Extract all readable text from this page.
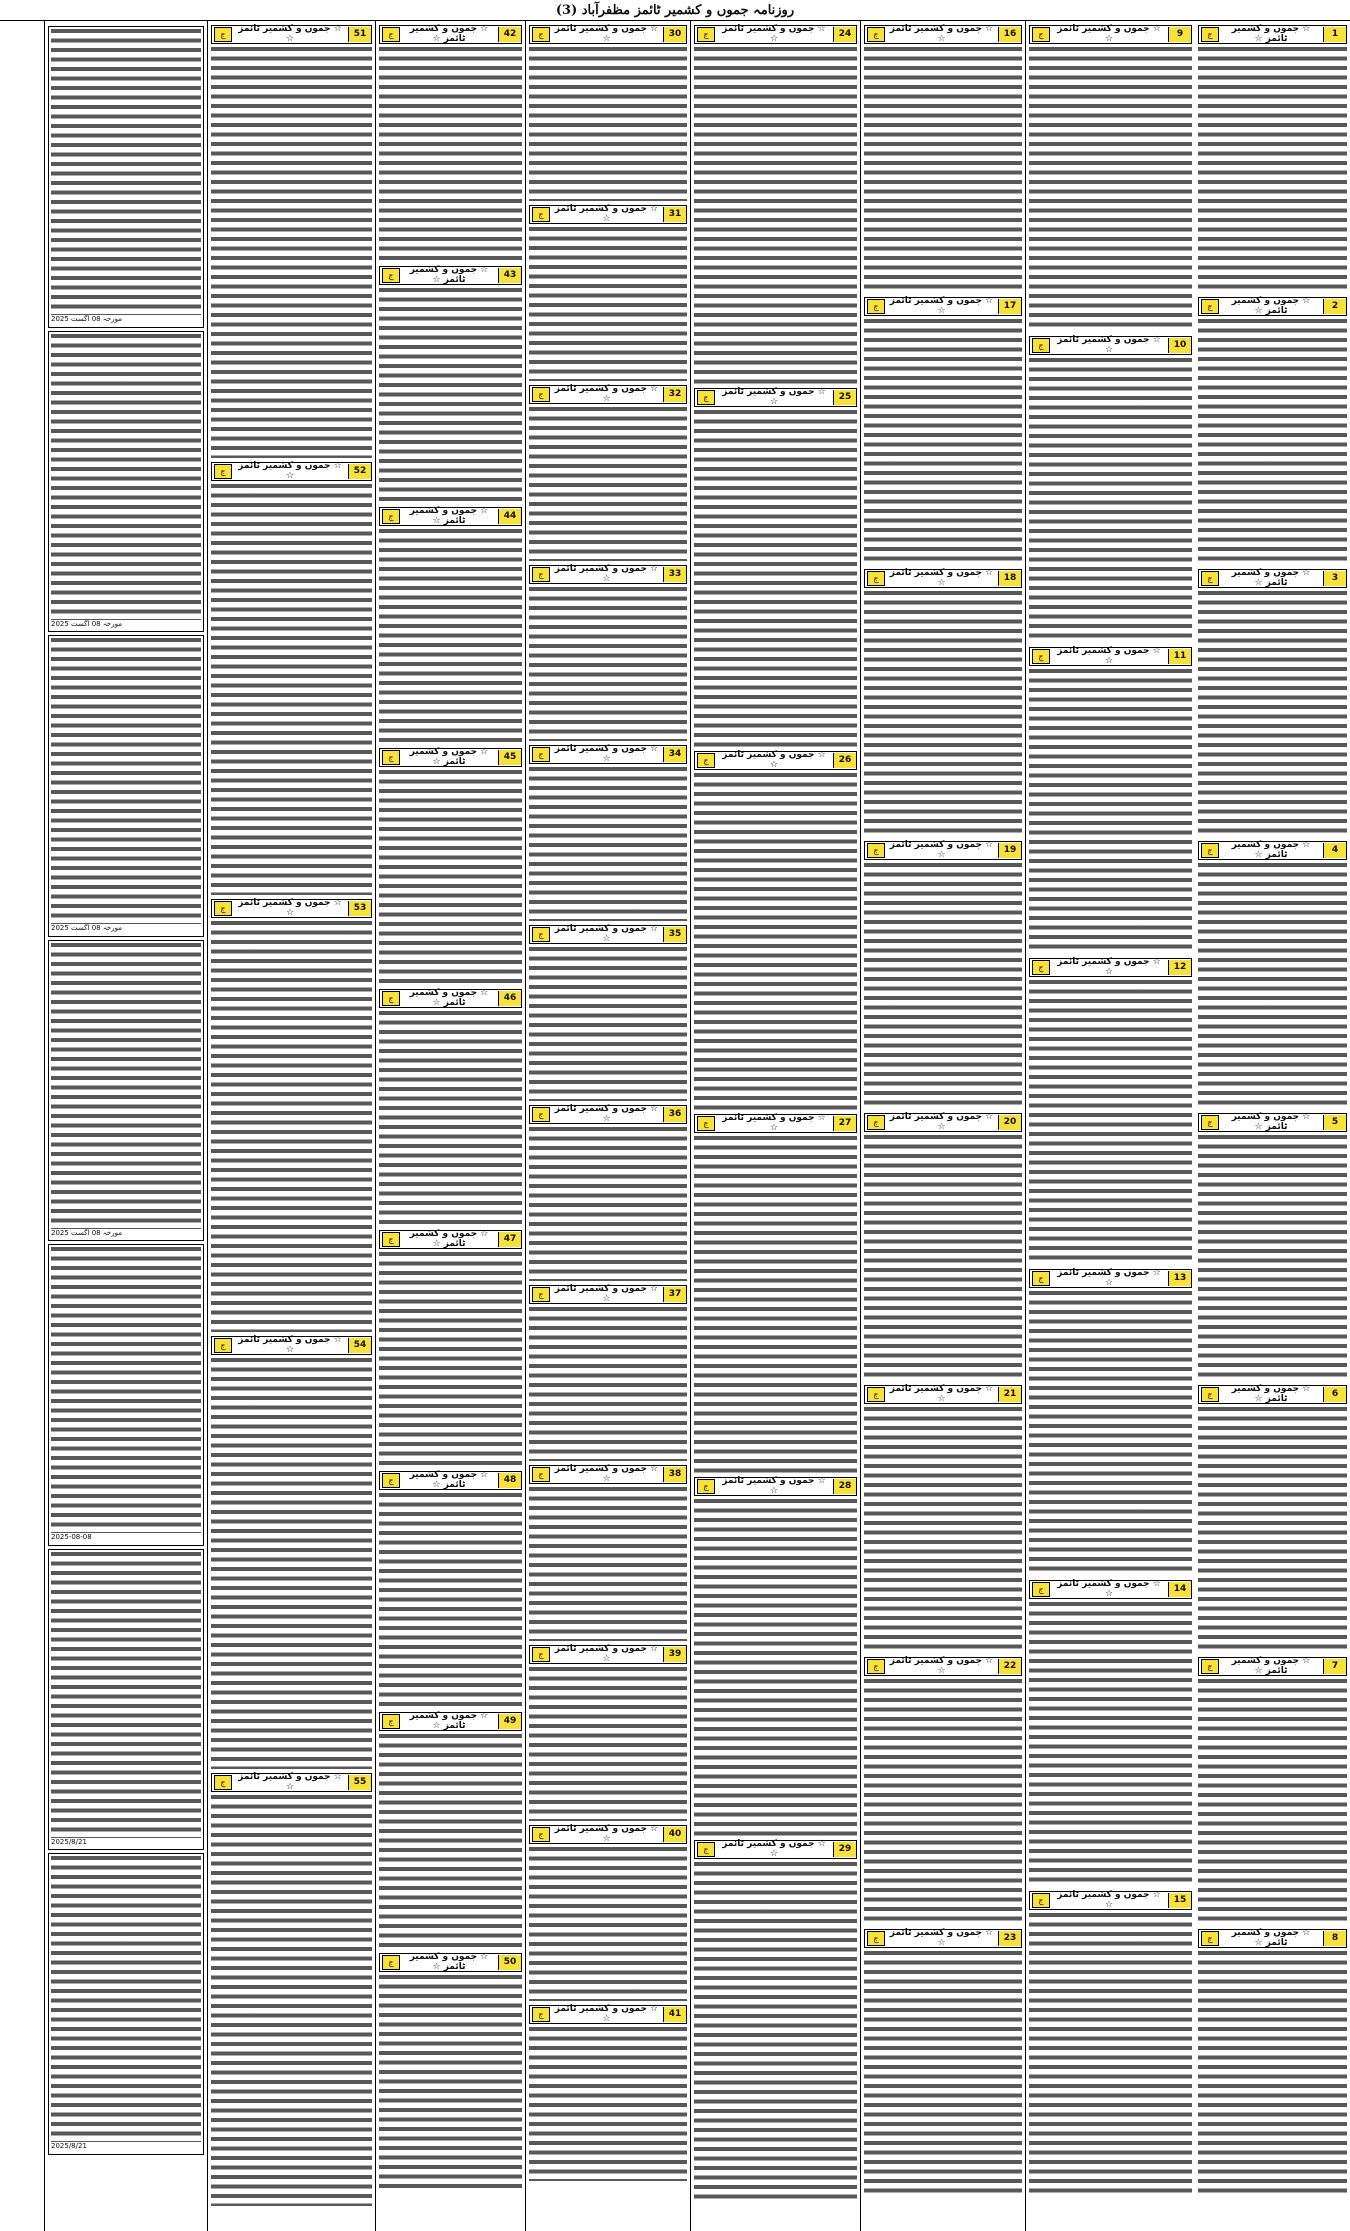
روزنامہ جموں و کشمیر ٹائمز مظفرآباد (3)
1
☆ جموں و کشمیر ٹائمز ☆
ج
2
☆ جموں و کشمیر ٹائمز ☆
ج
3
☆ جموں و کشمیر ٹائمز ☆
ج
4
☆ جموں و کشمیر ٹائمز ☆
ج
5
☆ جموں و کشمیر ٹائمز ☆
ج
6
☆ جموں و کشمیر ٹائمز ☆
ج
7
☆ جموں و کشمیر ٹائمز ☆
ج
8
☆ جموں و کشمیر ٹائمز ☆
ج
9
☆ جموں و کشمیر ٹائمز ☆
ج
10
☆ جموں و کشمیر ٹائمز ☆
ج
11
☆ جموں و کشمیر ٹائمز ☆
ج
12
☆ جموں و کشمیر ٹائمز ☆
ج
13
☆ جموں و کشمیر ٹائمز ☆
ج
14
☆ جموں و کشمیر ٹائمز ☆
ج
15
☆ جموں و کشمیر ٹائمز ☆
ج
16
☆ جموں و کشمیر ٹائمز ☆
ج
17
☆ جموں و کشمیر ٹائمز ☆
ج
18
☆ جموں و کشمیر ٹائمز ☆
ج
19
☆ جموں و کشمیر ٹائمز ☆
ج
20
☆ جموں و کشمیر ٹائمز ☆
ج
21
☆ جموں و کشمیر ٹائمز ☆
ج
22
☆ جموں و کشمیر ٹائمز ☆
ج
23
☆ جموں و کشمیر ٹائمز ☆
ج
24
☆ جموں و کشمیر ٹائمز ☆
ج
25
☆ جموں و کشمیر ٹائمز ☆
ج
26
☆ جموں و کشمیر ٹائمز ☆
ج
27
☆ جموں و کشمیر ٹائمز ☆
ج
28
☆ جموں و کشمیر ٹائمز ☆
ج
29
☆ جموں و کشمیر ٹائمز ☆
ج
30
☆ جموں و کشمیر ٹائمز ☆
ج
31
☆ جموں و کشمیر ٹائمز ☆
ج
32
☆ جموں و کشمیر ٹائمز ☆
ج
33
☆ جموں و کشمیر ٹائمز ☆
ج
34
☆ جموں و کشمیر ٹائمز ☆
ج
35
☆ جموں و کشمیر ٹائمز ☆
ج
36
☆ جموں و کشمیر ٹائمز ☆
ج
37
☆ جموں و کشمیر ٹائمز ☆
ج
38
☆ جموں و کشمیر ٹائمز ☆
ج
39
☆ جموں و کشمیر ٹائمز ☆
ج
40
☆ جموں و کشمیر ٹائمز ☆
ج
41
☆ جموں و کشمیر ٹائمز ☆
ج
42
☆ جموں و کشمیر ٹائمز ☆
ج
43
☆ جموں و کشمیر ٹائمز ☆
ج
44
☆ جموں و کشمیر ٹائمز ☆
ج
45
☆ جموں و کشمیر ٹائمز ☆
ج
46
☆ جموں و کشمیر ٹائمز ☆
ج
47
☆ جموں و کشمیر ٹائمز ☆
ج
48
☆ جموں و کشمیر ٹائمز ☆
ج
49
☆ جموں و کشمیر ٹائمز ☆
ج
50
☆ جموں و کشمیر ٹائمز ☆
ج
51
☆ جموں و کشمیر ٹائمز ☆
ج
52
☆ جموں و کشمیر ٹائمز ☆
ج
53
☆ جموں و کشمیر ٹائمز ☆
ج
54
☆ جموں و کشمیر ٹائمز ☆
ج
55
☆ جموں و کشمیر ٹائمز ☆
ج
مورخہ 08 اگست 2025
مورخہ 08 اگست 2025
مورخہ 08 اگست 2025
مورخہ 08 اگست 2025
2025-08-08
2025/8/21
2025/8/21
